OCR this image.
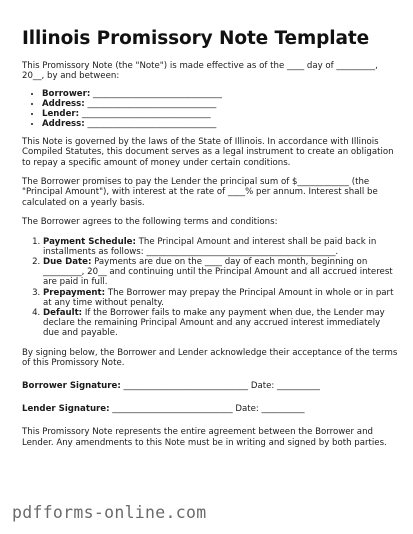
Illinois Promissory Note Template

This Promissory Note (the "Note") is made effective as of the ____ day of _________, 20__, by and between:

• Borrower: ______________________________
• Address: ______________________________
• Lender: ______________________________
• Address: ______________________________

This Note is governed by the laws of the State of Illinois. In accordance with Illinois Compiled Statutes, this document serves as a legal instrument to create an obligation to repay a specific amount of money under certain conditions.

The Borrower promises to pay the Lender the principal sum of $____________ (the "Principal Amount"), with interest at the rate of ____% per annum. Interest shall be calculated on a yearly basis.

The Borrower agrees to the following terms and conditions:

1. Payment Schedule: The Principal Amount and interest shall be paid back in installments as follows: ____________________________________________.
2. Due Date: Payments are due on the ____ day of each month, beginning on _________, 20__ and continuing until the Principal Amount and all accrued interest are paid in full.
3. Prepayment: The Borrower may prepay the Principal Amount in whole or in part at any time without penalty.
4. Default: If the Borrower fails to make any payment when due, the Lender may declare the remaining Principal Amount and any accrued interest immediately due and payable.

By signing below, the Borrower and Lender acknowledge their acceptance of the terms of this Promissory Note.

Borrower Signature: _____________________________ Date: __________

Lender Signature: ____________________________ Date: __________

This Promissory Note represents the entire agreement between the Borrower and Lender. Any amendments to this Note must be in writing and signed by both parties.

pdfforms-online.com
